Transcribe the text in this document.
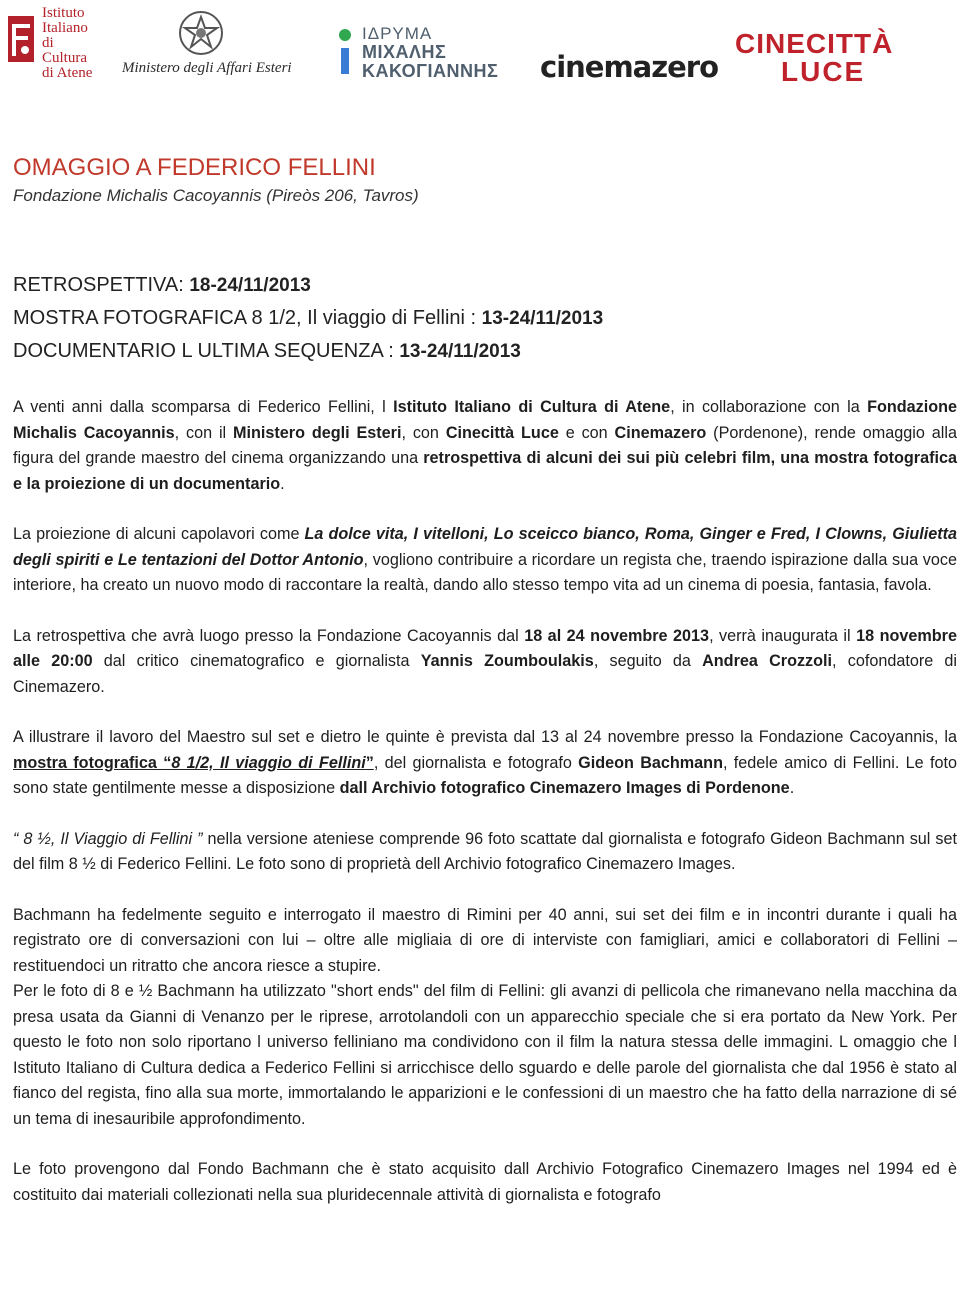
Istituto
Italiano
di
Cultura
di Atene Ministero degli Affari Esteri
ΙΔΡΥΜΑ
ΜΙΧΑΛΗΣ
ΚΑΚΟΓΙΑΝΝΗΣ cinemazero
CINECITTÀ
LUCE
OMAGGIO A FEDERICO FELLINI
Fondazione Michalis Cacoyannis (Pireòs 206, Tavros)
RETROSPETTIVA: 18-24/11/2013
MOSTRA FOTOGRAFICA 8 1/2, Il viaggio di Fellini : 13-24/11/2013
DOCUMENTARIO L ULTIMA SEQUENZA : 13-24/11/2013

A venti anni dalla scomparsa di Federico Fellini, l Istituto Italiano di Cultura di Atene, in collaborazione con la Fondazione Michalis Cacoyannis, con il Ministero degli Esteri, con Cinecittà Luce e con Cinemazero (Pordenone), rende omaggio alla figura del grande maestro del cinema organizzando una retrospettiva di alcuni dei sui più celebri film, una mostra fotografica e la proiezione di un documentario.

La proiezione di alcuni capolavori come La dolce vita, I vitelloni, Lo sceicco bianco, Roma, Ginger e Fred, I Clowns, Giulietta degli spiriti e Le tentazioni del Dottor Antonio, vogliono contribuire a ricordare un regista che, traendo ispirazione dalla sua voce interiore, ha creato un nuovo modo di raccontare la realtà, dando allo stesso tempo vita ad un cinema di poesia, fantasia, favola.

La retrospettiva che avrà luogo presso la Fondazione Cacoyannis dal 18 al 24 novembre 2013, verrà inaugurata il 18 novembre alle 20:00 dal critico cinematografico e giornalista Yannis Zoumboulakis, seguito da Andrea Crozzoli, cofondatore di Cinemazero.

A illustrare il lavoro del Maestro sul set e dietro le quinte è prevista dal 13 al 24 novembre presso la Fondazione Cacoyannis, la mostra fotografica “8 1/2, Il viaggio di Fellini”, del giornalista e fotografo Gideon Bachmann, fedele amico di Fellini. Le foto sono state gentilmente messe a disposizione dall Archivio fotografico Cinemazero Images di Pordenone.

“ 8 ½, Il Viaggio di Fellini ” nella versione ateniese comprende 96 foto scattate dal giornalista e fotografo Gideon Bachmann sul set del film 8 ½ di Federico Fellini. Le foto sono di proprietà dell Archivio fotografico Cinemazero Images.

Bachmann ha fedelmente seguito e interrogato il maestro di Rimini per 40 anni, sui set dei film e in incontri durante i quali ha registrato ore di conversazioni con lui – oltre alle migliaia di ore di interviste con famigliari, amici e collaboratori di Fellini – restituendoci un ritratto che ancora riesce a stupire.

Per le foto di 8 e ½ Bachmann ha utilizzato "short ends" del film di Fellini: gli avanzi di pellicola che rimanevano nella macchina da presa usata da Gianni di Venanzo per le riprese, arrotolandoli con un apparecchio speciale che si era portato da New York. Per questo le foto non solo riportano l universo felliniano ma condividono con il film la natura stessa delle immagini. L omaggio che l Istituto Italiano di Cultura dedica a Federico Fellini si arricchisce dello sguardo e delle parole del giornalista che dal 1956 è stato al fianco del regista, fino alla sua morte, immortalando le apparizioni e le confessioni di un maestro che ha fatto della narrazione di sé un tema di inesauribile approfondimento.

Le foto provengono dal Fondo Bachmann che è stato acquisito dall Archivio Fotografico Cinemazero Images nel 1994 ed è costituito dai materiali collezionati nella sua pluridecennale attività di giornalista e fotografo
